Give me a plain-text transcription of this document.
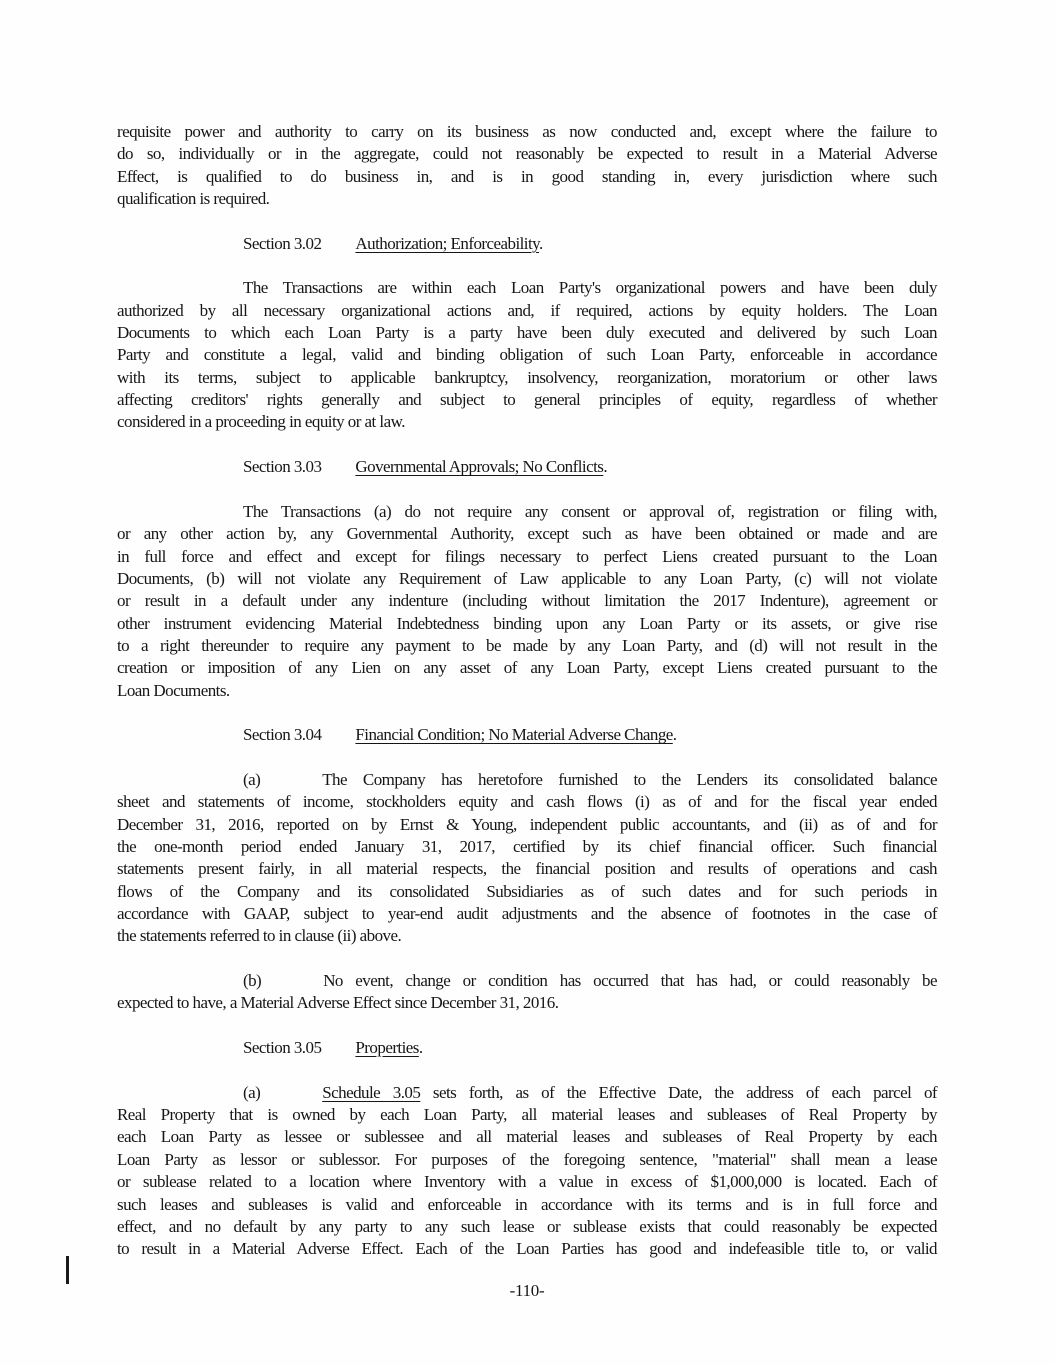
requisite power and authority to carry on its business as now conducted and, except where the failure to
do so, individually or in the aggregate, could not reasonably be expected to result in a Material Adverse
Effect, is qualified to do business in, and is in good standing in, every jurisdiction where such
qualification is required.
Section 3.02 Authorization; Enforceability.
The Transactions are within each Loan Party's organizational powers and have been duly
authorized by all necessary organizational actions and, if required, actions by equity holders. The Loan
Documents to which each Loan Party is a party have been duly executed and delivered by such Loan
Party and constitute a legal, valid and binding obligation of such Loan Party, enforceable in accordance
with its terms, subject to applicable bankruptcy, insolvency, reorganization, moratorium or other laws
affecting creditors' rights generally and subject to general principles of equity, regardless of whether
considered in a proceeding in equity or at law.
Section 3.03 Governmental Approvals; No Conflicts.
The Transactions (a) do not require any consent or approval of, registration or filing with,
or any other action by, any Governmental Authority, except such as have been obtained or made and are
in full force and effect and except for filings necessary to perfect Liens created pursuant to the Loan
Documents, (b) will not violate any Requirement of Law applicable to any Loan Party, (c) will not violate
or result in a default under any indenture (including without limitation the 2017 Indenture), agreement or
other instrument evidencing Material Indebtedness binding upon any Loan Party or its assets, or give rise
to a right thereunder to require any payment to be made by any Loan Party, and (d) will not result in the
creation or imposition of any Lien on any asset of any Loan Party, except Liens created pursuant to the
Loan Documents.
Section 3.04 Financial Condition; No Material Adverse Change.
(a)	The Company has heretofore furnished to the Lenders its consolidated balance
sheet and statements of income, stockholders equity and cash flows (i) as of and for the fiscal year ended
December 31, 2016, reported on by Ernst & Young, independent public accountants, and (ii) as of and for
the one-month period ended January 31, 2017, certified by its chief financial officer. Such financial
statements present fairly, in all material respects, the financial position and results of operations and cash
flows of the Company and its consolidated Subsidiaries as of such dates and for such periods in
accordance with GAAP, subject to year-end audit adjustments and the absence of footnotes in the case of
the statements referred to in clause (ii) above.
(b)	No event, change or condition has occurred that has had, or could reasonably be
expected to have, a Material Adverse Effect since December 31, 2016.
Section 3.05 Properties.
(a)	Schedule 3.05 sets forth, as of the Effective Date, the address of each parcel of
Real Property that is owned by each Loan Party, all material leases and subleases of Real Property by
each Loan Party as lessee or sublessee and all material leases and subleases of Real Property by each
Loan Party as lessor or sublessor. For purposes of the foregoing sentence, "material" shall mean a lease
or sublease related to a location where Inventory with a value in excess of $1,000,000 is located. Each of
such leases and subleases is valid and enforceable in accordance with its terms and is in full force and
effect, and no default by any party to any such lease or sublease exists that could reasonably be expected
to result in a Material Adverse Effect. Each of the Loan Parties has good and indefeasible title to, or valid
-110-
